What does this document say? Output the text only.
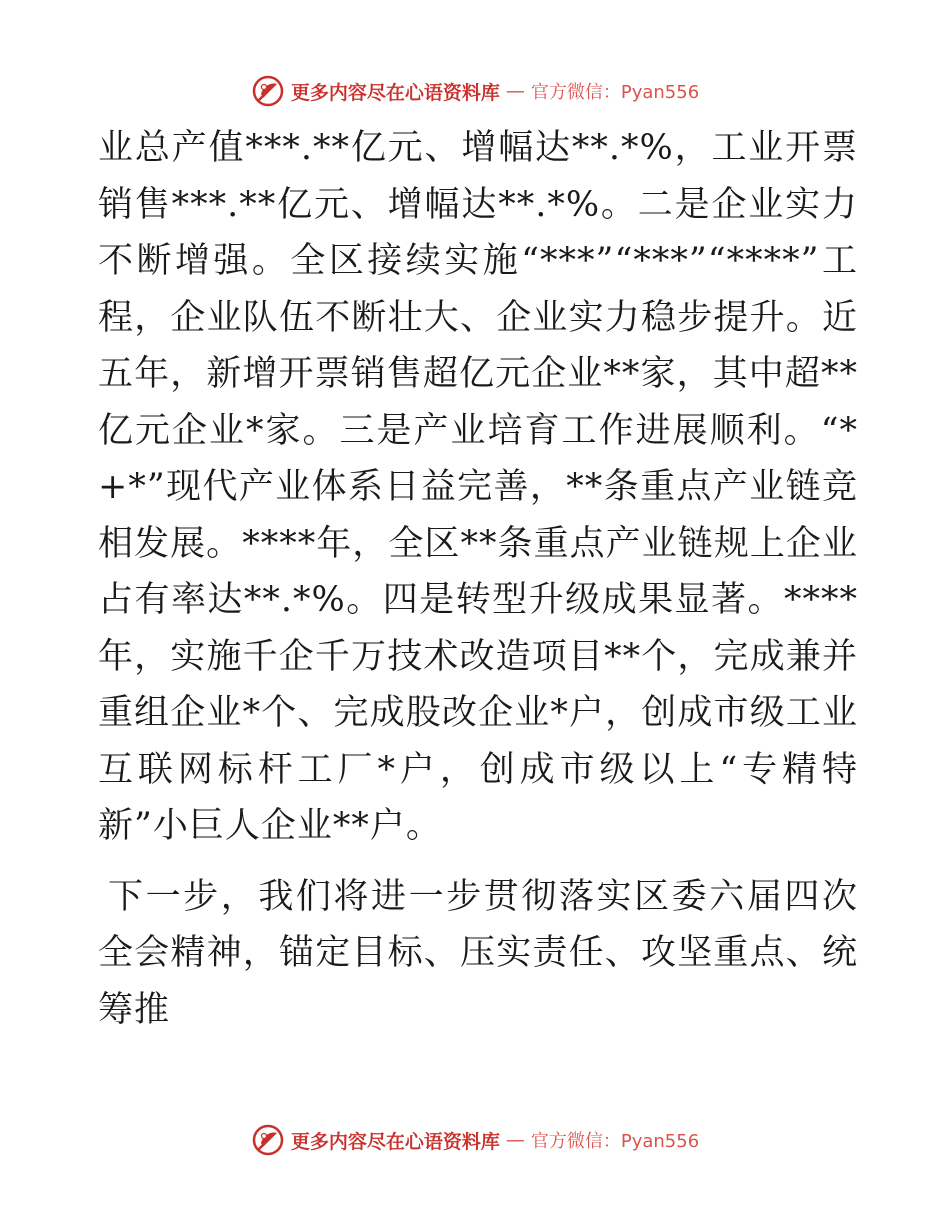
更多内容尽在心语资料库 — 官方微信：Pyan556

业总产值***.**亿元、增幅达**.*%，工业开票销售***.**亿元、增幅达**.*%。二是企业实力不断增强。全区接续实施“***”“***”“****”工程，企业队伍不断壮大、企业实力稳步提升。近五年，新增开票销售超亿元企业**家，其中超**亿元企业*家。三是产业培育工作进展顺利。“*+*”现代产业体系日益完善，**条重点产业链竞相发展。****年，全区**条重点产业链规上企业占有率达**.*%。四是转型升级成果显著。****年，实施千企千万技术改造项目**个，完成兼并重组企业*个、完成股改企业*户，创成市级工业互联网标杆工厂*户，创成市级以上“专精特新”小巨人企业**户。

下一步，我们将进一步贯彻落实区委六届四次全会精神，锚定目标、压实责任、攻坚重点、统筹推

更多内容尽在心语资料库 — 官方微信：Pyan556
